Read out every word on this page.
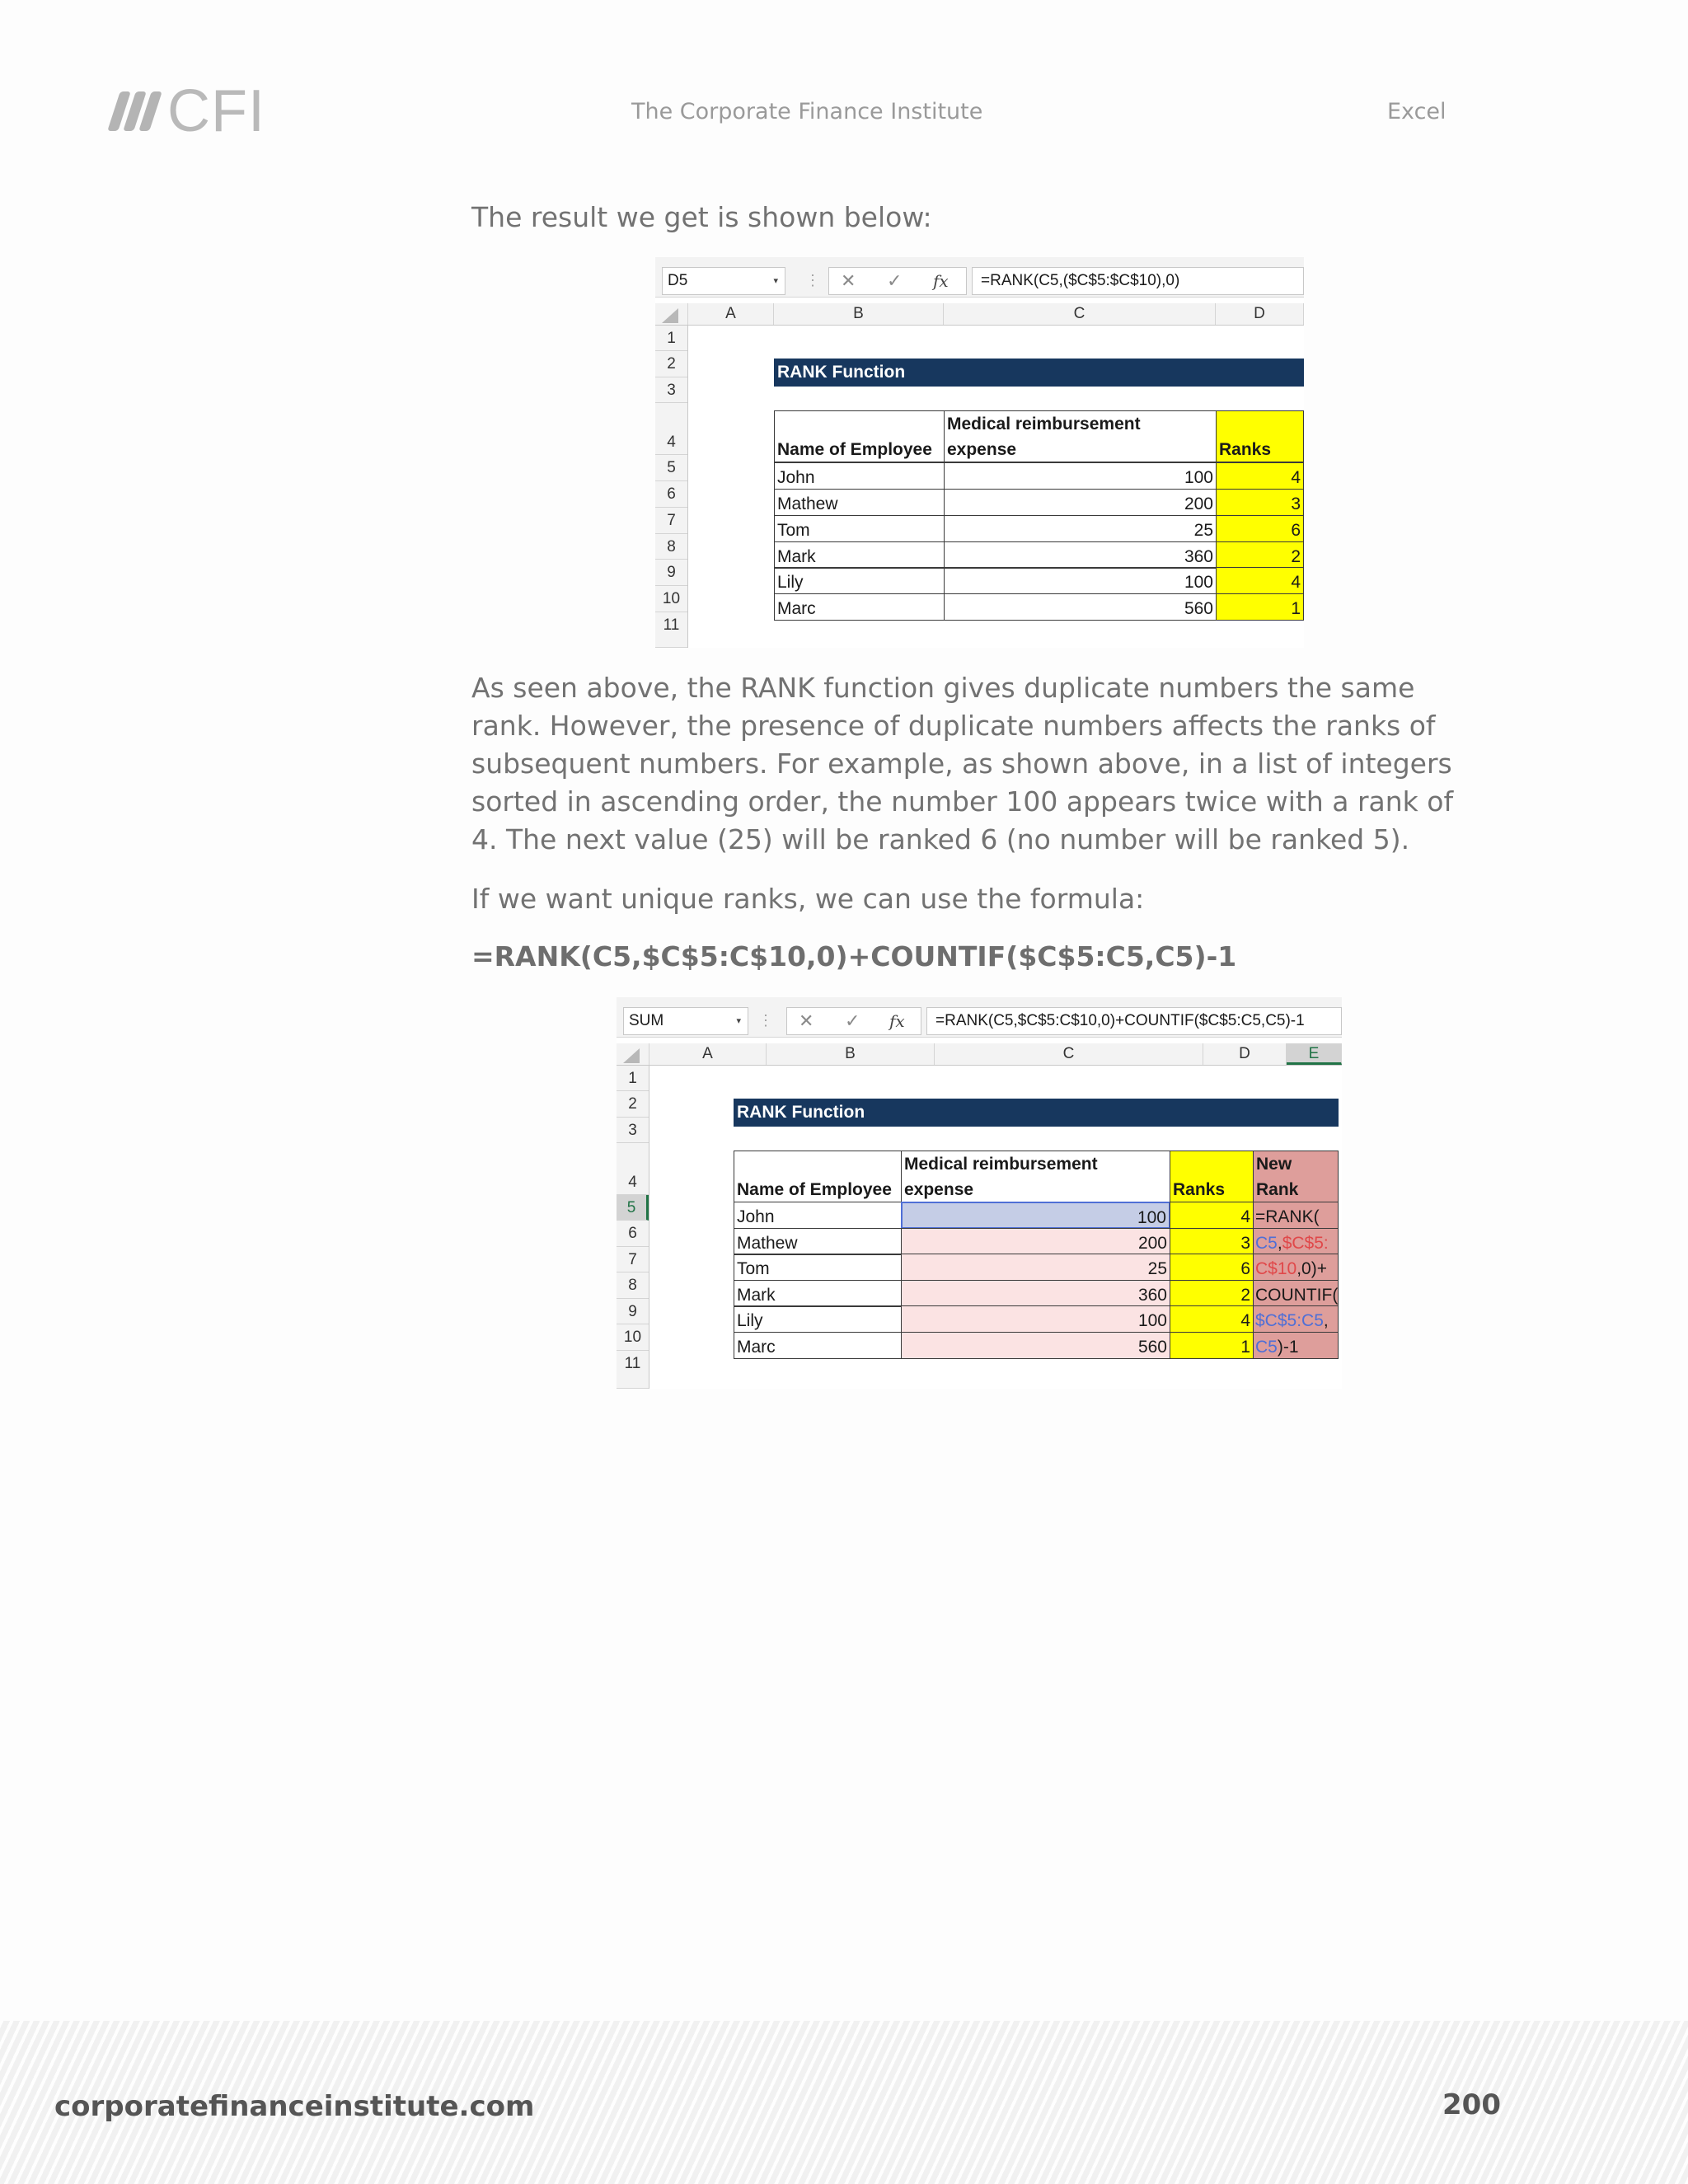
CFI	The Corporate Finance Institute	Excel

The result we get is shown below:

D5	▾ ⋮ ✕ ✓ fx	=RANK(C5,($C$5:$C$10),0)
A	B	C	D
1
2
3
4
5
6
7
8
9
10
11
RANK Function
Name of Employee
Medical reimbursement
expense	Ranks
John	100	4
Mathew	200	3
Tom	25	6
Mark	360	2
Lily	100	4
Marc	560	1

As seen above, the RANK function gives duplicate numbers the same rank. However, the presence of duplicate numbers affects the ranks of subsequent numbers. For example, as shown above, in a list of integers sorted in ascending order, the number 100 appears twice with a rank of 4. The next value (25) will be ranked 6 (no number will be ranked 5).

If we want unique ranks, we can use the formula:

=RANK(C5,$C$5:C$10,0)+COUNTIF($C$5:C5,C5)-1
SUM	▾ ⋮ ✕ ✓ fx	=RANK(C5,$C$5:C$10,0)+COUNTIF($C$5:C5,C5)-1
A	B	C	D	E
1
2
3
4
5
6
7
8
9
10
11
RANK Function
Name of Employee
Medical reimbursement
expense	Ranks
New
Rank
John	100	4 =RANK(
Mathew	200	3 C5,$C$5:
Tom	25	6 C$10,0)+
Mark	360	2 COUNTIF(
Lily	100	4 $C$5:C5,
Marc	560	1 C5)-1
corporatefinanceinstitute.com	200
